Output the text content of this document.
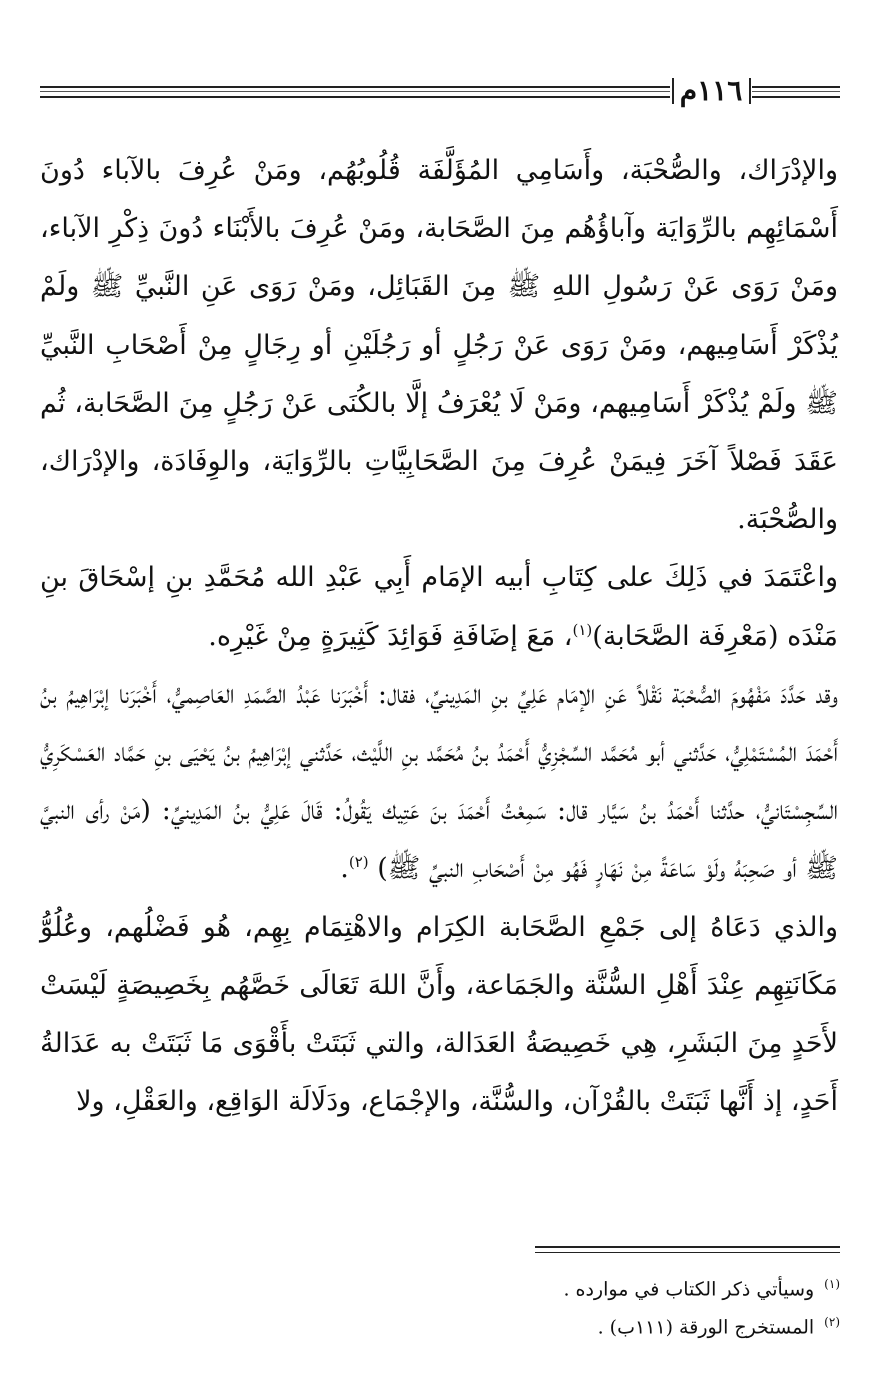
١١٦م

والإدْرَاك، والصُّحْبَة، وأَسَامِي المُؤَلَّفَة قُلُوبُهُم، ومَنْ عُرِفَ بالآباء دُونَ أَسْمَائِهِم بالرِّوَايَة وآباؤُهُم مِنَ الصَّحَابة، ومَنْ عُرِفَ بالأَبْنَاء دُونَ ذِكْرِ الآباء، ومَنْ رَوَى عَنْ رَسُولِ اللهِ ﷺ مِنَ القَبَائِل، ومَنْ رَوَى عَنِ النَّبيِّ ﷺ ولَمْ يُذْكَرْ أَسَامِيهم، ومَنْ رَوَى عَنْ رَجُلٍ أو رَجُلَيْنِ أو رِجَالٍ مِنْ أَصْحَابِ النَّبيِّ ﷺ ولَمْ يُذْكَرْ أَسَامِيهم، ومَنْ لَا يُعْرَفُ إلَّا بالكُنَى عَنْ رَجُلٍ مِنَ الصَّحَابة، ثُم عَقَدَ فَصْلاً آخَرَ فِيمَنْ عُرِفَ مِنَ الصَّحَابِيَّاتِ بالرِّوَايَة، والوِفَادَة، والإدْرَاك، والصُّحْبَة.

واعْتَمَدَ في ذَلِكَ على كِتَابِ أبيه الإمَام أَبِي عَبْدِ الله مُحَمَّدِ بنِ إسْحَاقَ بنِ مَنْدَه (مَعْرِفَة الصَّحَابة)$^{(١)}$، مَعَ إضَافَةِ فَوَائِدَ كَثِيرَةٍ مِنْ غَيْرِه.

وقد حَدَّدَ مَفْهُومَ الصُّحْبَة نَقْلاً عَنِ الإمَام عَلِيِّ بنِ المَدِينيِّ، فقال: أَخْبَرَنا عَبْدُ الصَّمَدِ العَاصِميُّ، أَخْبَرَنا إبْرَاهِيمُ بنُ أَحْمَدَ المُسْتَمْلِيُّ، حَدَّثني أبو مُحَمَّد السِّجْزِيُّ أَحْمَدُ بنُ مُحَمَّد بنِ اللَّيْث، حَدَّثني إبْرَاهِيمُ بنُ يَحْيَى بنِ حَمَّاد العَسْكَرِيُّ السِّجِسْتَانيُّ، حدَّثنا أَحْمَدُ بنُ سَيَّار قال: سَمِعْتُ أَحْمَدَ بنَ عَتِيك يَقُولُ: قَالَ عَلِيُّ بنُ المَدِينيِّ: (مَنْ رأى النبيَّ ﷺ أو صَحِبَهُ ولَوْ سَاعَةً مِنْ نَهَارٍ فَهُو مِنْ أَصْحَابِ النبيِّ ﷺ) $^{(٢)}$.

والذي دَعَاهُ إلى جَمْعِ الصَّحَابة الكِرَام والاهْتِمَام بِهِم، هُو فَضْلُهم، وعُلُوُّ مَكَانَتِهِم عِنْدَ أَهْلِ السُّنَّة والجَمَاعة، وأَنَّ اللهَ تَعَالَى خَصَّهُم بِخَصِيصَةٍ لَيْسَتْ لأَحَدٍ مِنَ البَشَرِ، هِي خَصِيصَةُ العَدَالة، والتي ثَبَتَتْ بأَقْوَى مَا ثَبَتَتْ به عَدَالةُ أَحَدٍ، إذ أَنَّها ثَبَتَتْ بالقُرْآن، والسُّنَّة، والإجْمَاع، ودَلَالَة الوَاقِع، والعَقْلِ، ولا

$^{(١)}$وسيأتي ذكر الكتاب في موارده .
$^{(٢)}$المستخرج الورقة (١١١ب) .
